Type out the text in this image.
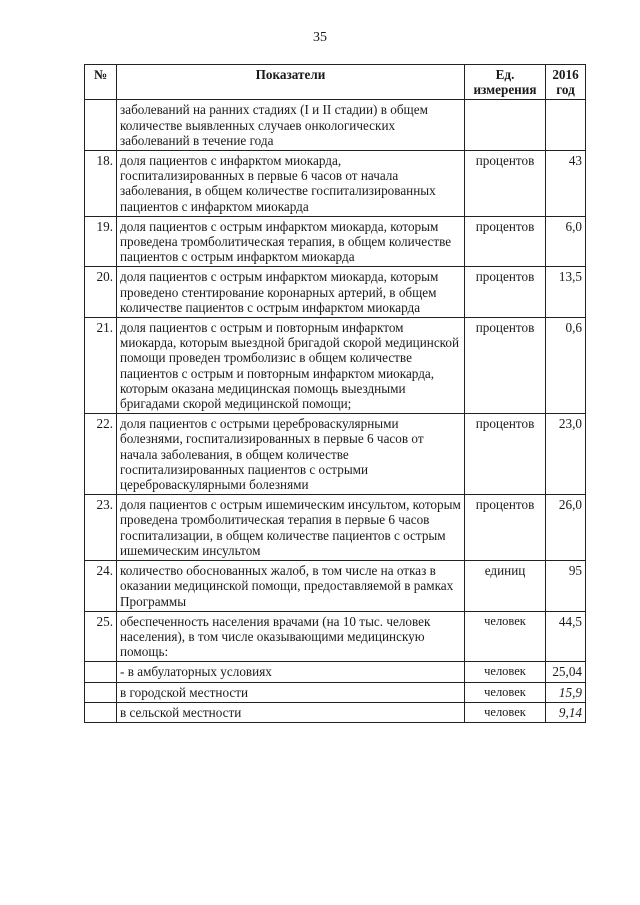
35
№	Показатели	Ед. измерения	2016 год
	заболеваний на ранних стадиях (I и II стадии) в общем количестве выявленных случаев онкологических заболеваний в течение года		
18.	доля пациентов с инфарктом миокарда, госпитализированных в первые 6 часов от начала заболевания, в общем количестве госпитализированных пациентов с инфарктом миокарда	процентов	43
19.	доля пациентов с острым инфарктом миокарда, которым проведена тромболитическая терапия, в общем количестве пациентов с острым инфарктом миокарда	процентов	6,0
20.	доля пациентов с острым инфарктом миокарда, которым проведено стентирование коронарных артерий, в общем количестве пациентов с острым инфарктом миокарда	процентов	13,5
21.	доля пациентов с острым и повторным инфарктом миокарда, которым выездной бригадой скорой медицинской помощи проведен тромболизис в общем количестве пациентов с острым и повторным инфарктом миокарда, которым оказана медицинская помощь выездными бригадами скорой медицинской помощи;	процентов	0,6
22.	доля пациентов с острыми цереброваскулярными болезнями, госпитализированных в первые 6 часов от начала заболевания, в общем количестве госпитализированных пациентов с острыми цереброваскулярными болезнями	процентов	23,0
23.	доля пациентов с острым ишемическим инсультом, которым проведена тромболитическая терапия в первые 6 часов госпитализации, в общем количестве пациентов с острым ишемическим инсультом	процентов	26,0
24.	количество обоснованных жалоб, в том числе на отказ в оказании медицинской помощи, предоставляемой в рамках Программы	единиц	95
25.	обеспеченность населения врачами (на 10 тыс. человек населения), в том числе оказывающими медицинскую помощь:	человек	44,5
	- в амбулаторных условиях	человек	25,04
	в городской местности	человек	15,9
	в сельской местности	человек	9,14
